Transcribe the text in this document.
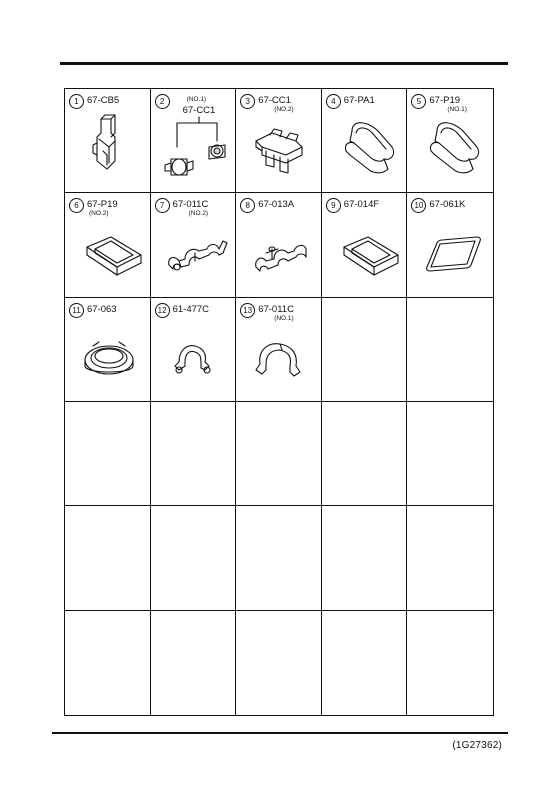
1 67-CB5	2	(NO.1)
67-CC1
3 67-CC1
(NO.2)
4 67-PA1	5 67-P19
(NO.1)
6 67-P19
(NO.2)
7 67-011C
(NO.2)
8 67-013A	9 67-014F	10 67-061K
11 67-063	12 61-477C	13 67-011C
(NO.1)
(1G27362)
